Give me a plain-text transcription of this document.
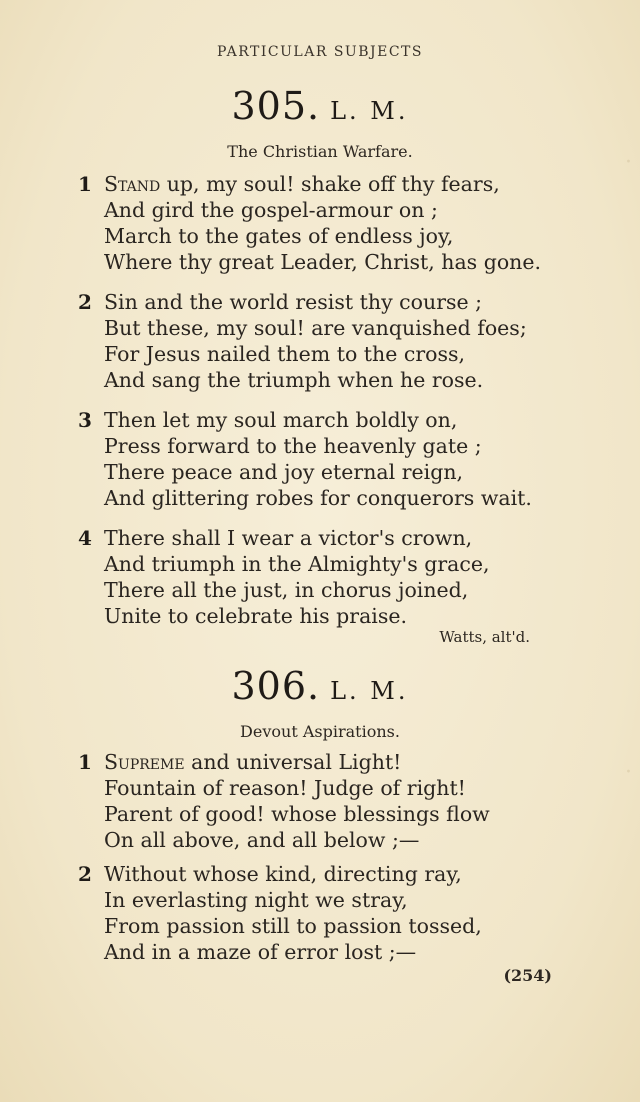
PARTICULAR SUBJECTS
305. L. M.
The Christian Warfare.
1 Stand up, my soul! shake off thy fears,
And gird the gospel-armour on ;
March to the gates of endless joy,
Where thy great Leader, Christ, has gone.
2 Sin and the world resist thy course ;
But these, my soul! are vanquished foes;
For Jesus nailed them to the cross,
And sang the triumph when he rose.
3 Then let my soul march boldly on,
Press forward to the heavenly gate ;
There peace and joy eternal reign,
And glittering robes for conquerors wait.
4 There shall I wear a victor's crown,
And triumph in the Almighty's grace,
There all the just, in chorus joined,
Unite to celebrate his praise.
Watts, alt'd.
306. L. M.
Devout Aspirations.
1 Supreme and universal Light!
Fountain of reason! Judge of right!
Parent of good! whose blessings flow
On all above, and all below ;—
2 Without whose kind, directing ray,
In everlasting night we stray,
From passion still to passion tossed,
And in a maze of error lost ;—
(254)
·
·
